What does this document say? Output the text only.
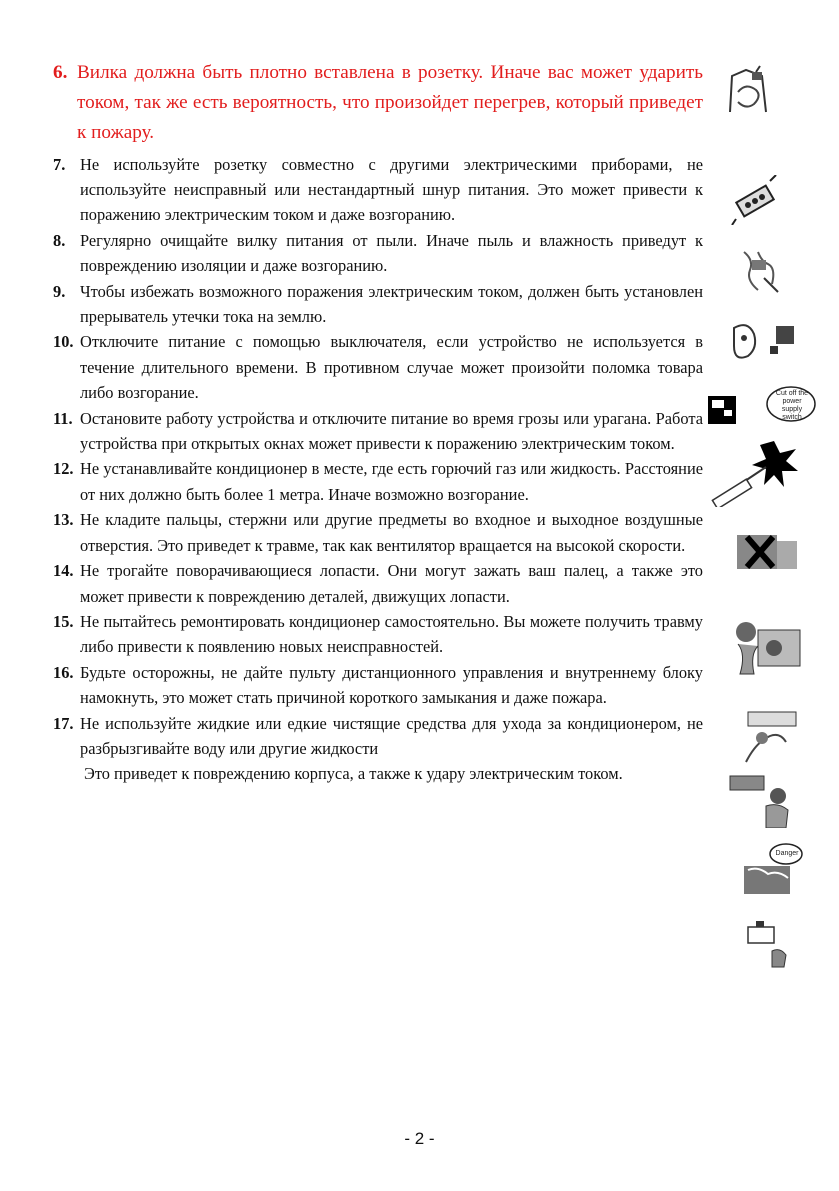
6. Вилка должна быть плотно вставлена в розетку. Иначе вас может ударить током, так же есть вероятность, что произойдет перегрев, который приведет к пожару.

7. Не используйте розетку совместно с другими электрическими приборами, не используйте неисправный или нестандартный шнур питания. Это может привести к поражению электрическим током и даже возгоранию.

8. Регулярно очищайте вилку питания от пыли. Иначе пыль и влажность приведут к повреждению изоляции и даже возгоранию.

9. Чтобы избежать возможного поражения электрическим током, должен быть установлен прерыватель утечки тока на землю.

10. Отключите питание с помощью выключателя, если устройство не используется в течение длительного времени. В противном случае может произойти поломка товара либо возгорание.

11. Остановите работу устройства и отключите питание во время грозы или урагана. Работа устройства при открытых окнах может привести к поражению электрическим током.

12. Не устанавливайте кондиционер в месте, где есть горючий газ или жидкость. Расстояние от них должно быть более 1 метра. Иначе возможно возгорание.

13. Не кладите пальцы, стержни или другие предметы во входное и выходное воздушные отверстия. Это приведет к травме, так как вентилятор вращается на высокой скорости.

14. Не трогайте поворачивающиеся лопасти. Они могут зажать ваш палец, а также это может привести к повреждению деталей, движущих лопасти.

15. Не пытайтесь ремонтировать кондиционер самостоятельно. Вы можете получить травму либо привести к появлению новых неисправностей.

16. Будьте осторожны, не дайте пульту дистанционного управления и внутреннему блоку намокнуть, это может стать причиной короткого замыкания и даже пожара.

17. Не используйте жидкие или едкие чистящие средства для ухода за кондиционером, не разбрызгивайте воду или другие жидкости
Это приведет к повреждению корпуса, а также к удару электрическим током.

Cut off the power supply switch
Danger
- 2 -
